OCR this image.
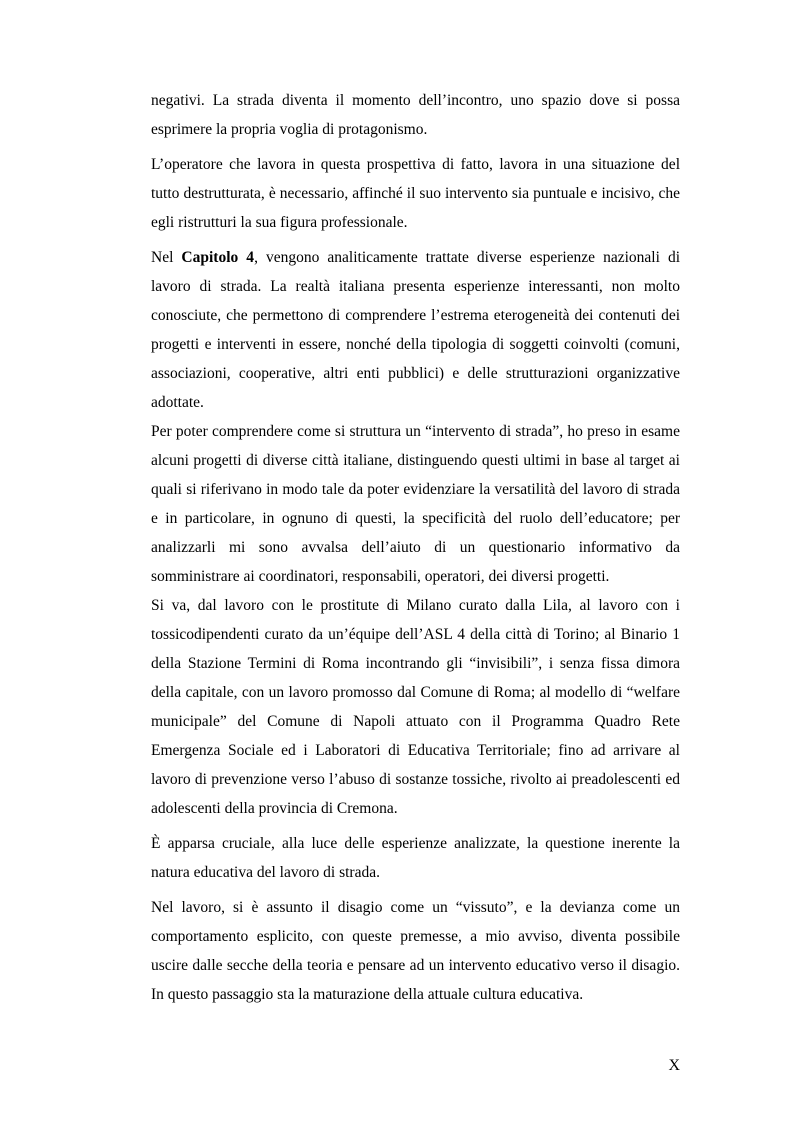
negativi. La strada diventa il momento dell’incontro, uno spazio dove si possa esprimere la propria voglia di protagonismo.

L’operatore che lavora in questa prospettiva di fatto, lavora in una situazione del tutto destrutturata, è necessario, affinché il suo intervento sia puntuale e incisivo, che egli ristrutturi la sua figura professionale.

Nel Capitolo 4, vengono analiticamente trattate diverse esperienze nazionali di lavoro di strada. La realtà italiana presenta esperienze interessanti, non molto conosciute, che permettono di comprendere l’estrema eterogeneità dei contenuti dei progetti e interventi in essere, nonché della tipologia di soggetti coinvolti (comuni, associazioni, cooperative, altri enti pubblici) e delle strutturazioni organizzative adottate.

Per poter comprendere come si struttura un “intervento di strada”, ho preso in esame alcuni progetti di diverse città italiane, distinguendo questi ultimi in base al target ai quali si riferivano in modo tale da poter evidenziare la versatilità del lavoro di strada e in particolare, in ognuno di questi, la specificità del ruolo dell’educatore; per analizzarli mi sono avvalsa dell’aiuto di un questionario informativo da somministrare ai coordinatori, responsabili, operatori, dei diversi progetti.

Si va, dal lavoro con le prostitute di Milano curato dalla Lila, al lavoro con i tossicodipendenti curato da un’équipe dell’ASL 4 della città di Torino; al Binario 1 della Stazione Termini di Roma incontrando gli “invisibili”, i senza fissa dimora della capitale, con un lavoro promosso dal Comune di Roma; al modello di “welfare municipale” del Comune di Napoli attuato con il Programma Quadro Rete Emergenza Sociale ed i Laboratori di Educativa Territoriale; fino ad arrivare al lavoro di prevenzione verso l’abuso di sostanze tossiche, rivolto ai preadolescenti ed adolescenti della provincia di Cremona.

È apparsa cruciale, alla luce delle esperienze analizzate, la questione inerente la natura educativa del lavoro di strada.

Nel lavoro, si è assunto il disagio come un “vissuto”, e la devianza come un comportamento esplicito, con queste premesse, a mio avviso, diventa possibile uscire dalle secche della teoria e pensare ad un intervento educativo verso il disagio. In questo passaggio sta la maturazione della attuale cultura educativa.

X
